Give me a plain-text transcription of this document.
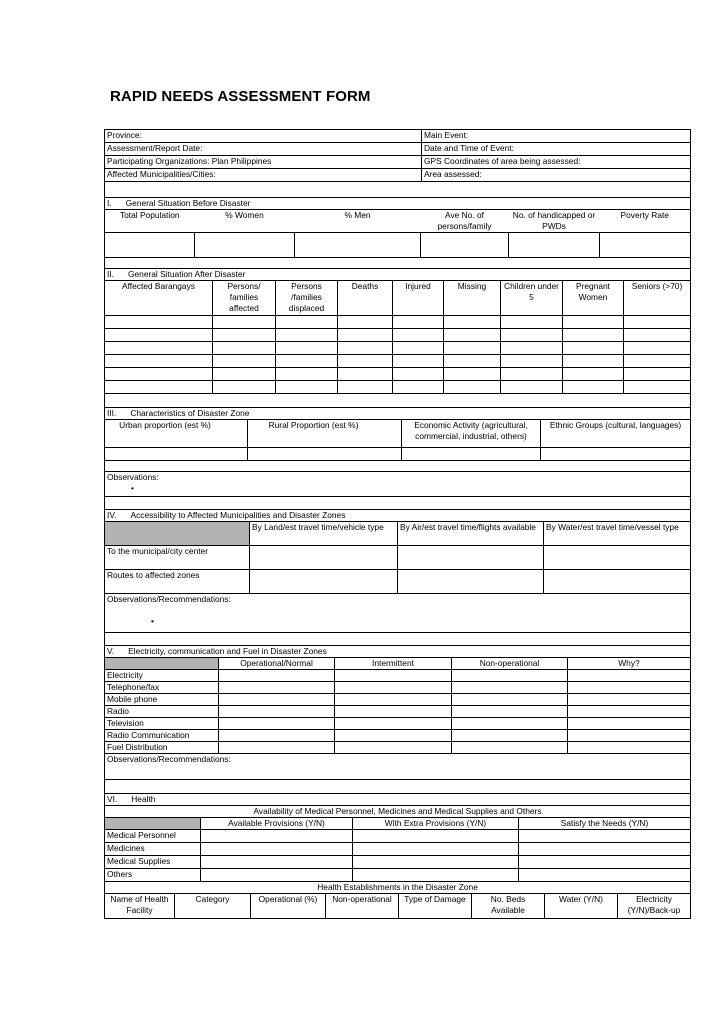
RAPID NEEDS ASSESSMENT FORM
Province:	Main Event:
Assessment/Report Date:	Date and Time of Event:
Participating Organizations: Plan Philippines	GPS Coordinates of area being assessed:
Affected Municipalities/Cities:	Area assessed:

I. General Situation Before Disaster					
Total Population	% Women	% Men	Ave No. of persons/family	No. of handicapped or PWDs	Poverty Rate

II. General Situation After Disaster								
Affected Barangays	Persons/ families affected	Persons /families displaced	Deaths	Injured	Missing	Children under 5	Pregnant Women	Seniors (>70)

III. Characteristics of Disaster Zone			
Urban proportion (est %)	Rural Proportion (est %)	Economic Activity (agricultural, commercial, industrial, others)	Ethnic Groups (cultural, languages)

Observations:
•			

IV. Accessibility to Affected Municipalities and Disaster Zones			
	By Land/est travel time/vehicle type	By Air/est travel time/flights available	By Water/est travel time/vessel type
To the municipal/city center			
Routes to affected zones			
Observations/Recommendations:

•			

V. Electricity, communication and Fuel in Disaster Zones				
	Operational/Normal	Intermittent	Non-operational	Why?
Electricity				
Telephone/fax				
Mobile phone				
Radio				
Television				
Radio Communication				
Fuel Distribution				
Observations/Recommendations:				

VI. Health			
Availability of Medical Personnel, Medicines and Medical Supplies and Others			
	Available Provisions (Y/N)	With Extra Provisions (Y/N)	Satisfy the Needs (Y/N)
Medical Personnel			
Medicines			
Medical Supplies			
Others			
Health Establishments in the Disaster Zone
Name of Health Facility	Category	Operational (%)	Non-operational	Type of Damage	No. Beds Available	Water (Y/N)	Electricity (Y/N)/Back-up
